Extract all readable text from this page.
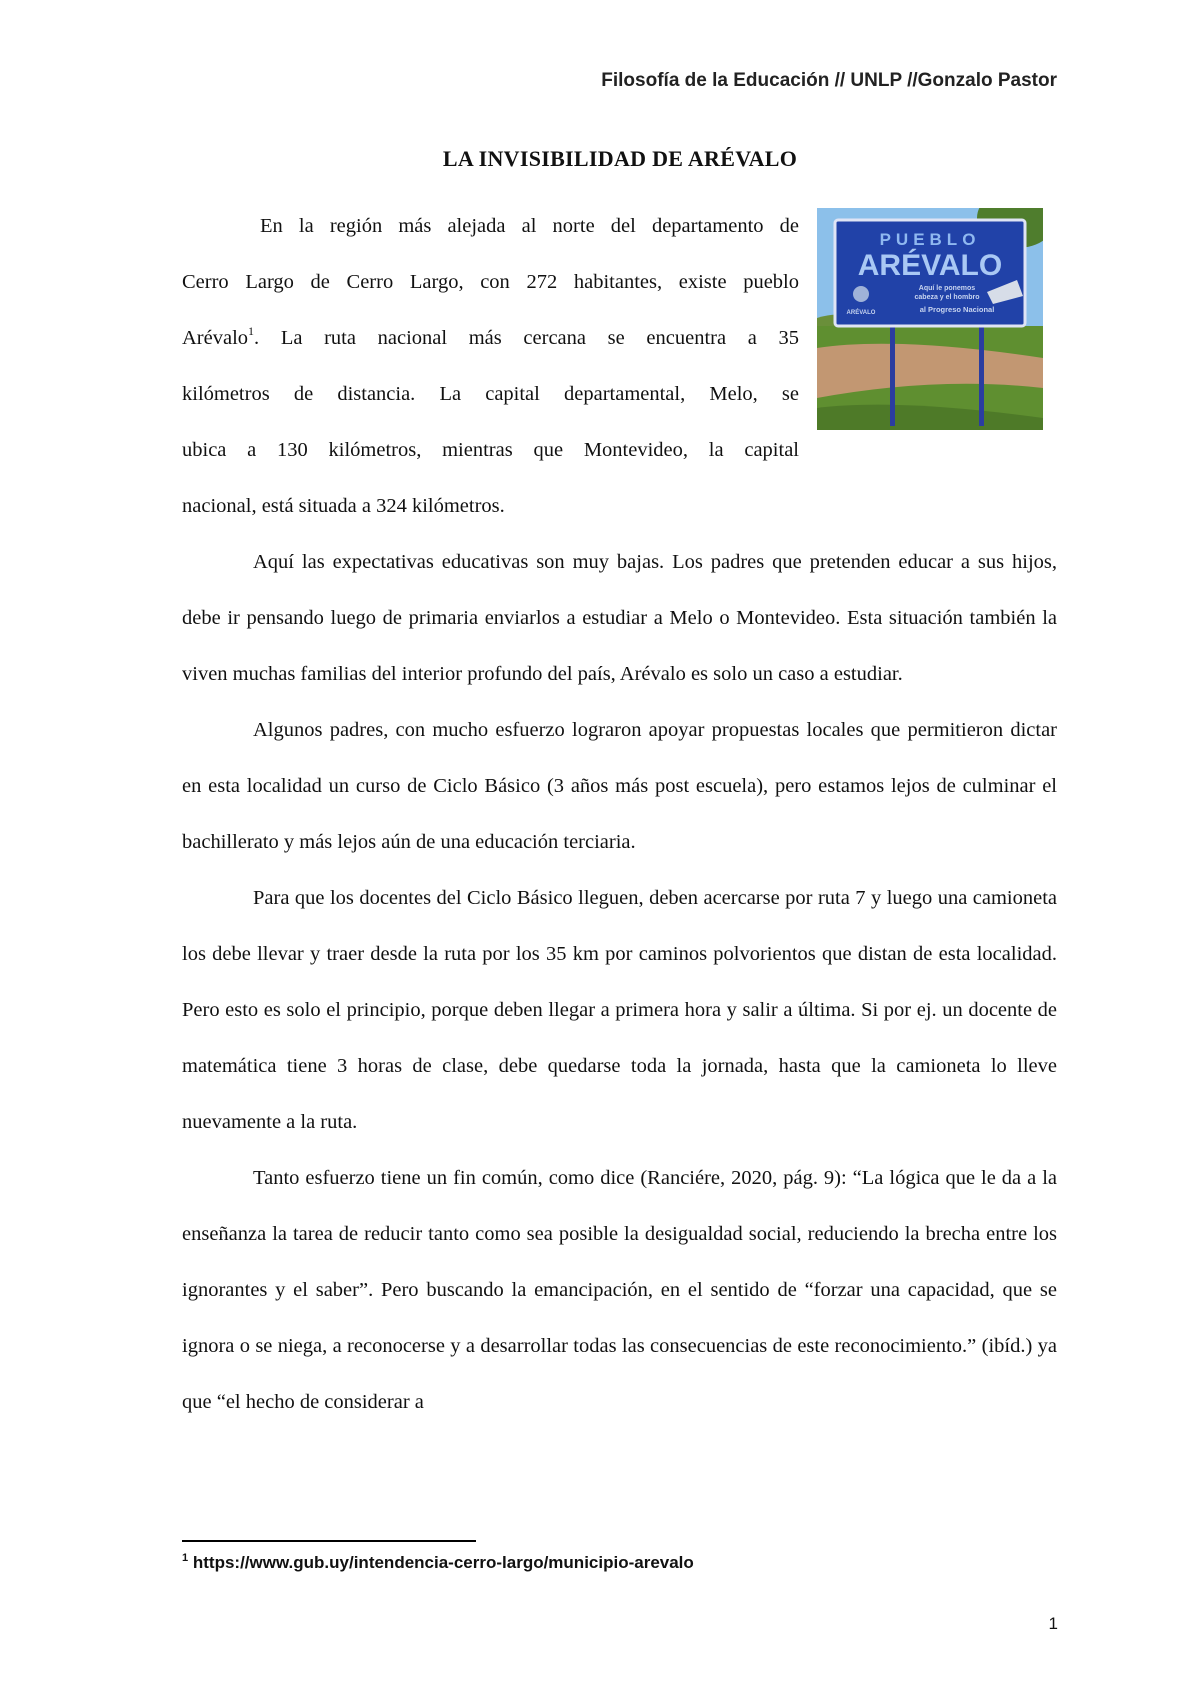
Filosofía de la Educación // UNLP //Gonzalo Pastor
LA INVISIBILIDAD DE ARÉVALO
PUEBLO
ARÉVALO
ARÉVALO
Aquí le ponemos
cabeza y el hombro
al Progreso Nacional
En la región más alejada al norte del departamento de
Cerro Largo de Cerro Largo, con 272 habitantes, existe pueblo
Arévalo$^1$. La ruta nacional más cercana se encuentra a 35
kilómetros de distancia. La capital departamental, Melo, se
ubica a 130 kilómetros, mientras que Montevideo, la capital
nacional, está situada a 324 kilómetros.

Aquí las expectativas educativas son muy bajas. Los padres que pretenden educar a sus hijos, debe ir pensando luego de primaria enviarlos a estudiar a Melo o Montevideo. Esta situación también la viven muchas familias del interior profundo del país, Arévalo es solo un caso a estudiar.

Algunos padres, con mucho esfuerzo lograron apoyar propuestas locales que permitieron dictar en esta localidad un curso de Ciclo Básico (3 años más post escuela), pero estamos lejos de culminar el bachillerato y más lejos aún de una educación terciaria.

Para que los docentes del Ciclo Básico lleguen, deben acercarse por ruta 7 y luego una camioneta los debe llevar y traer desde la ruta por los 35 km por caminos polvorientos que distan de esta localidad. Pero esto es solo el principio, porque deben llegar a primera hora y salir a última. Si por ej. un docente de matemática tiene 3 horas de clase, debe quedarse toda la jornada, hasta que la camioneta lo lleve nuevamente a la ruta.

Tanto esfuerzo tiene un fin común, como dice (Ranciére, 2020, pág. 9): “La lógica que le da a la enseñanza la tarea de reducir tanto como sea posible la desigualdad social, reduciendo la brecha entre los ignorantes y el saber”. Pero buscando la emancipación, en el sentido de “forzar una capacidad, que se ignora o se niega, a reconocerse y a desarrollar todas las consecuencias de este reconocimiento.” (ibíd.) ya que “el hecho de considerar a

$^1$ https://www.gub.uy/intendencia-cerro-largo/municipio-arevalo
1
